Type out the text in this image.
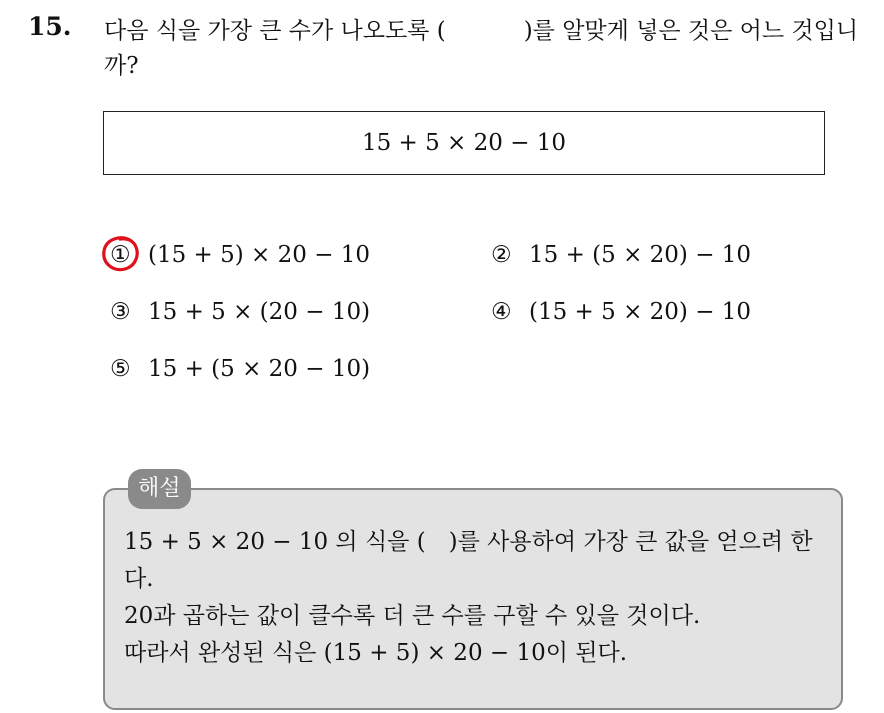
15. 다음 식을 가장 큰 수가 나오도록 (	)를 알맞게 넣은 것은 어느 것입니까?
15 + 5 × 20 − 10
① (15 + 5) × 20 − 10	② 15 + (5 × 20) − 10
③ 15 + 5 × (20 − 10)	④ (15 + 5 × 20) − 10
⑤ 15 + (5 × 20 − 10)
해설
15 + 5 × 20 − 10 의 식을 (　)를 사용하여 가장 큰 값을 얻으려 한다.
20과 곱하는 값이 클수록 더 큰 수를 구할 수 있을 것이다.
따라서 완성된 식은 (15 + 5) × 20 − 10이 된다.
